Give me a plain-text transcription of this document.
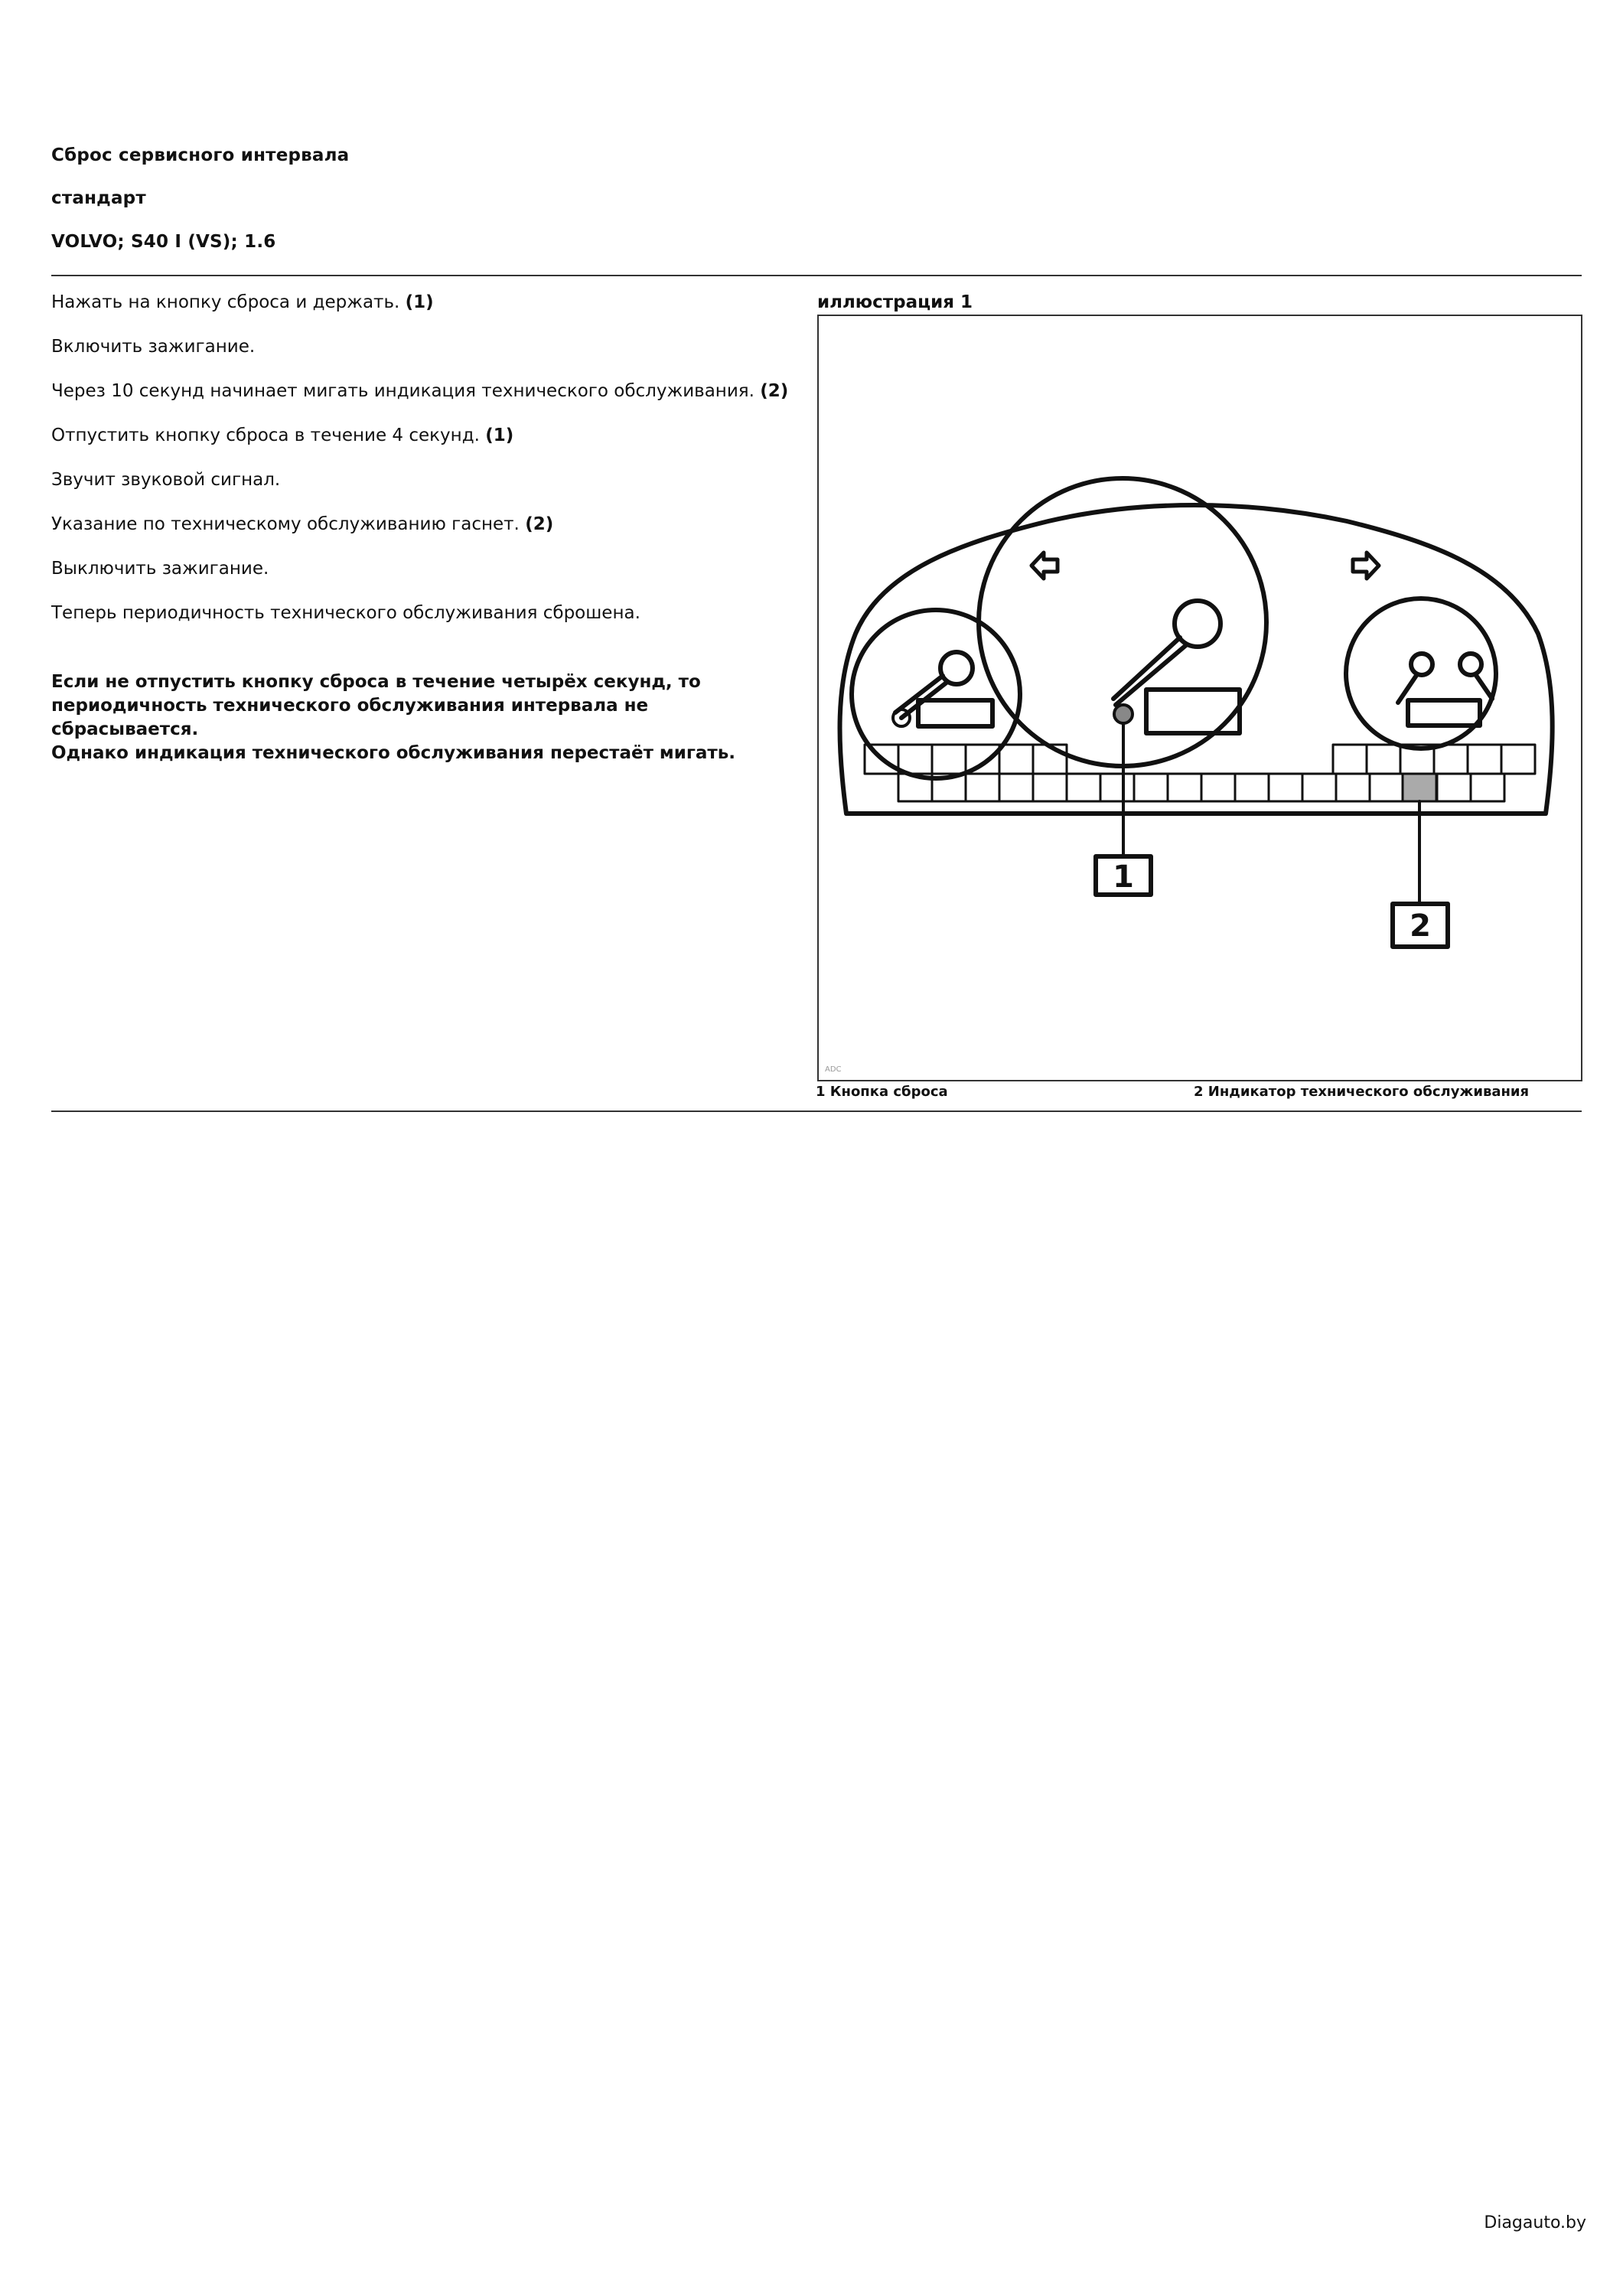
Сброс сервисного интервала
стандарт
VOLVO; S40 I (VS); 1.6
Нажать на кнопку сброса и держать. (1)
Включить зажигание.
Через 10 секунд начинает мигать индикация технического обслуживания. (2)
Отпустить кнопку сброса в течение 4 секунд. (1)
Звучит звуковой сигнал.
Указание по техническому обслуживанию гаснет. (2)
Выключить зажигание.
Теперь периодичность технического обслуживания сброшена.

Если не отпустить кнопку сброса в течение четырёх секунд, то периодичность технического обслуживания интервала не сбрасывается.

Однако индикация технического обслуживания перестаёт мигать.

иллюстрация 1
1
2
ADC
1 Кнопка сброса	2 Индикатор технического обслуживания
Diagauto.by
